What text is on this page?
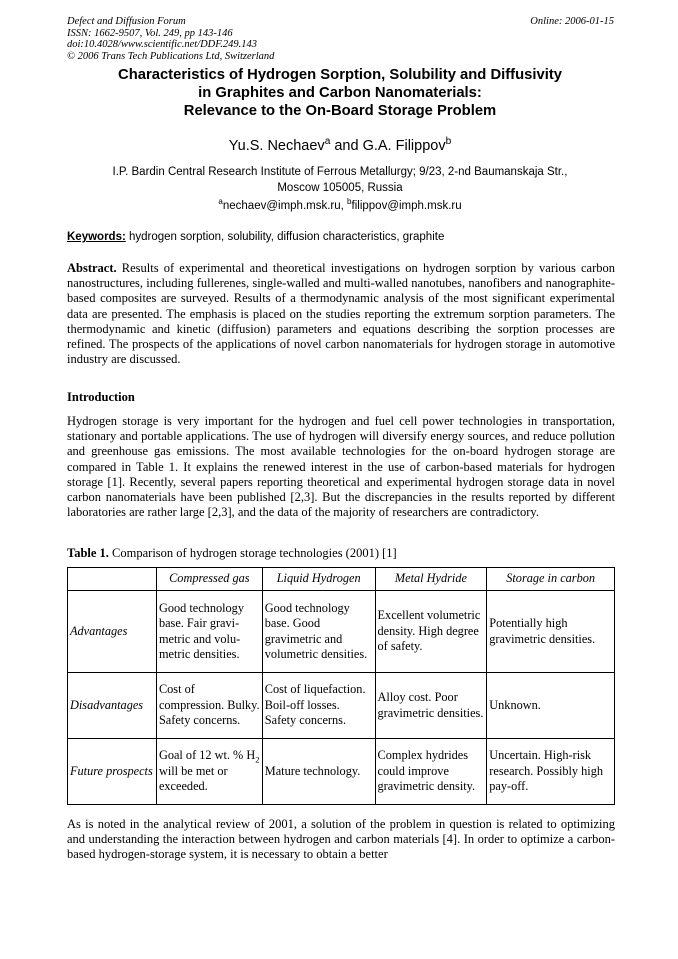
Defect and Diffusion Forum
ISSN: 1662-9507, Vol. 249, pp 143-146
doi:10.4028/www.scientific.net/DDF.249.143
© 2006 Trans Tech Publications Ltd, Switzerland
Online: 2006-01-15
Characteristics of Hydrogen Sorption, Solubility and Diffusivity
in Graphites and Carbon Nanomaterials:
Relevance to the On-Board Storage Problem
Yu.S. Nechaev$^a$ and G.A. Filippov$^b$
I.P. Bardin Central Research Institute of Ferrous Metallurgy; 9/23, 2-nd Baumanskaja Str.,
Moscow 105005, Russia
$^a$nechaev@imph.msk.ru, $^b$filippov@imph.msk.ru
Keywords: hydrogen sorption, solubility, diffusion characteristics, graphite
Abstract. Results of experimental and theoretical investigations on hydrogen sorption by various carbon nanostructures, including fullerenes, single-walled and multi-walled nanotubes, nanofibers and nanographite-based composites are surveyed. Results of a thermodynamic analysis of the most significant experimental data are presented. The emphasis is placed on the studies reporting the extremum sorption parameters. The thermodynamic and kinetic (diffusion) parameters and equations describing the sorption processes are refined. The prospects of the applications of novel carbon nanomaterials for hydrogen storage in automotive industry are discussed.
Introduction
Hydrogen storage is very important for the hydrogen and fuel cell power technologies in transportation, stationary and portable applications. The use of hydrogen will diversify energy sources, and reduce pollution and greenhouse gas emissions. The most available technologies for the on-board hydrogen storage are compared in Table 1. It explains the renewed interest in the use of carbon-based materials for hydrogen storage [1]. Recently, several papers reporting theoretical and experimental hydrogen storage data in novel carbon nanomaterials have been published [2,3]. But the discrepancies in the results reported by different laboratories are rather large [2,3], and the data of the majority of researchers are contradictory.
Table 1. Comparison of hydrogen storage technologies (2001) [1]
	Compressed gas	Liquid Hydrogen	Metal Hydride	Storage in carbon
Advantages	Good technology base. Fair gravi-metric and volu-metric densities.	Good technology base. Good gravimetric and volumetric densities.	Excellent volumetric density. High degree of safety.	Potentially high gravimetric densities.
Disadvantages	Cost of compression. Bulky. Safety concerns.	Cost of liquefaction. Boil-off losses. Safety concerns.	Alloy cost. Poor gravimetric densities.	Unknown.
Future prospects	Goal of 12 wt. % $H_2$ will be met or exceeded.	Mature technology.	Complex hydrides could improve gravimetric density.	Uncertain. High-risk research. Possibly high pay-off.
As is noted in the analytical review of 2001, a solution of the problem in question is related to optimizing and understanding the interaction between hydrogen and carbon materials [4]. In order to optimize a carbon-based hydrogen-storage system, it is necessary to obtain a better
